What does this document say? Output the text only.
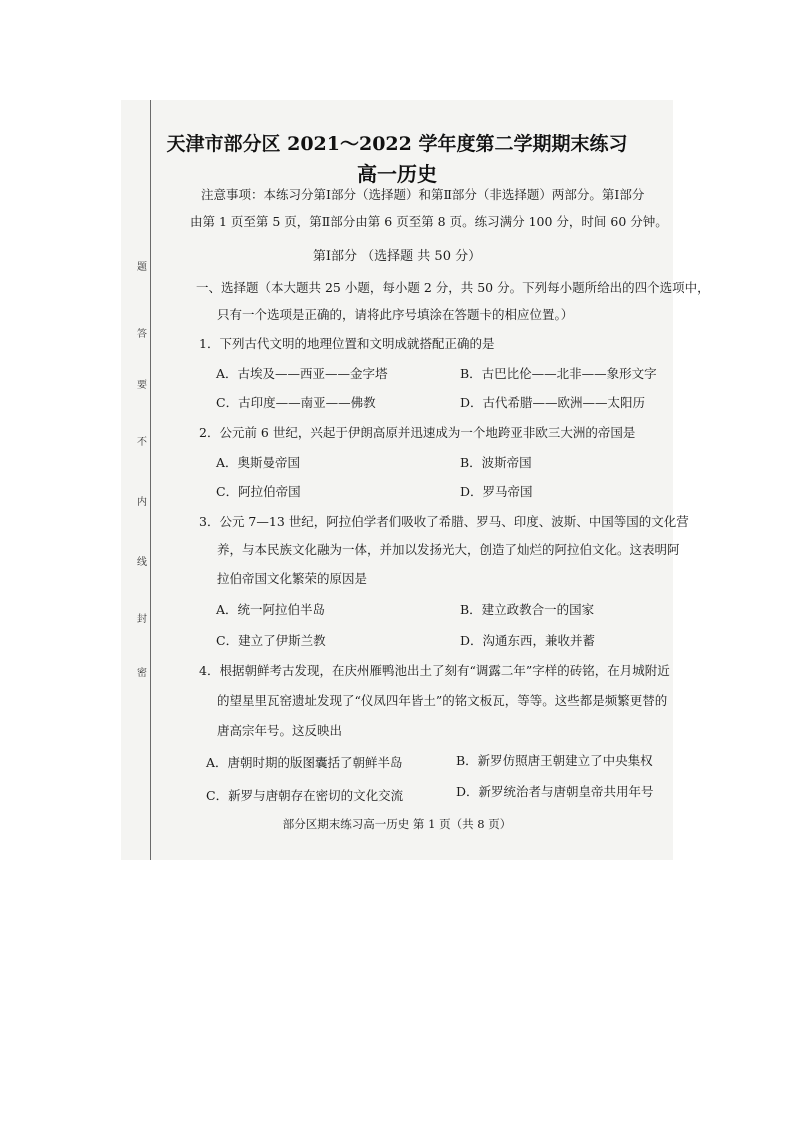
题
答
要
不
内
线
封
密
天津市部分区 2021～2022 学年度第二学期期末练习
高一历史
注意事项：本练习分第Ⅰ部分（选择题）和第Ⅱ部分（非选择题）两部分。第Ⅰ部分
由第 1 页至第 5 页，第Ⅱ部分由第 6 页至第 8 页。练习满分 100 分，时间 60 分钟。
第Ⅰ部分 （选择题 共 50 分）
一、选择题（本大题共 25 小题，每小题 2 分，共 50 分。下列每小题所给出的四个选项中，
只有一个选项是正确的，请将此序号填涂在答题卡的相应位置。）
1．下列古代文明的地理位置和文明成就搭配正确的是
A．古埃及——西亚——金字塔	B．古巴比伦——北非——象形文字
C．古印度——南亚——佛教	D．古代希腊——欧洲——太阳历
2．公元前 6 世纪，兴起于伊朗高原并迅速成为一个地跨亚非欧三大洲的帝国是
A．奥斯曼帝国	B．波斯帝国
C．阿拉伯帝国	D．罗马帝国
3．公元 7—13 世纪，阿拉伯学者们吸收了希腊、罗马、印度、波斯、中国等国的文化营
养，与本民族文化融为一体，并加以发扬光大，创造了灿烂的阿拉伯文化。这表明阿
拉伯帝国文化繁荣的原因是
A．统一阿拉伯半岛	B．建立政教合一的国家
C．建立了伊斯兰教	D．沟通东西，兼收并蓄
4．根据朝鲜考古发现，在庆州雁鸭池出土了刻有“调露二年”字样的砖铭，在月城附近
的望星里瓦窑遗址发现了“仪凤四年皆土”的铭文板瓦，等等。这些都是频繁更替的
唐高宗年号。这反映出
A．唐朝时期的版图囊括了朝鲜半岛	B．新罗仿照唐王朝建立了中央集权
C．新罗与唐朝存在密切的文化交流	D．新罗统治者与唐朝皇帝共用年号
部分区期末练习高一历史 第 1 页（共 8 页）
